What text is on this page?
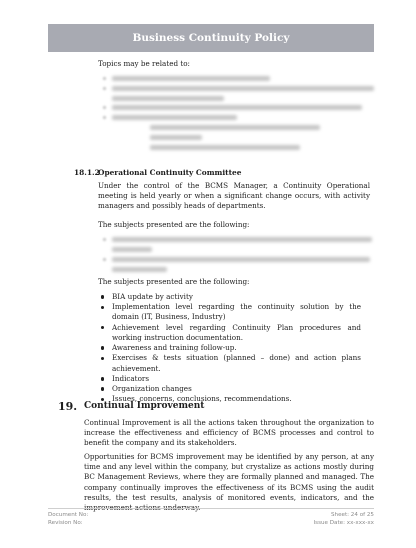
Business Continuity Policy
Topics may be related to:
18.1.2
Operational Continuity Committee
Under the control of the BCMS Manager, a Continuity Operational meeting is held yearly or when a significant change occurs, with activity managers and possibly heads of departments.
The subjects presented are the following:
The subjects presented are the following:
BIA update by activity
Implementation level regarding the continuity solution by the domain (IT, Business, Industry)
Achievement level regarding Continuity Plan procedures and working instruction documentation.
Awareness and training follow-up.
Exercises & tests situation (planned – done) and action plans achievement.
Indicators
Organization changes
Issues, concerns, conclusions, recommendations.
19. Continual Improvement
Continual Improvement is all the actions taken throughout the organization to increase the effectiveness and efficiency of BCMS processes and control to benefit the company and its stakeholders.
Opportunities for BCMS improvement may be identified by any person, at any time and any level within the company, but crystalize as actions mostly during BC Management Reviews, where they are formally planned and managed. The company continually improves the effectiveness of its BCMS using the audit results, the test results, analysis of monitored events, indicators, and the
Document No:
Revision No:
Sheet: 24 of 25
Issue Date: xx-xxx-xx
